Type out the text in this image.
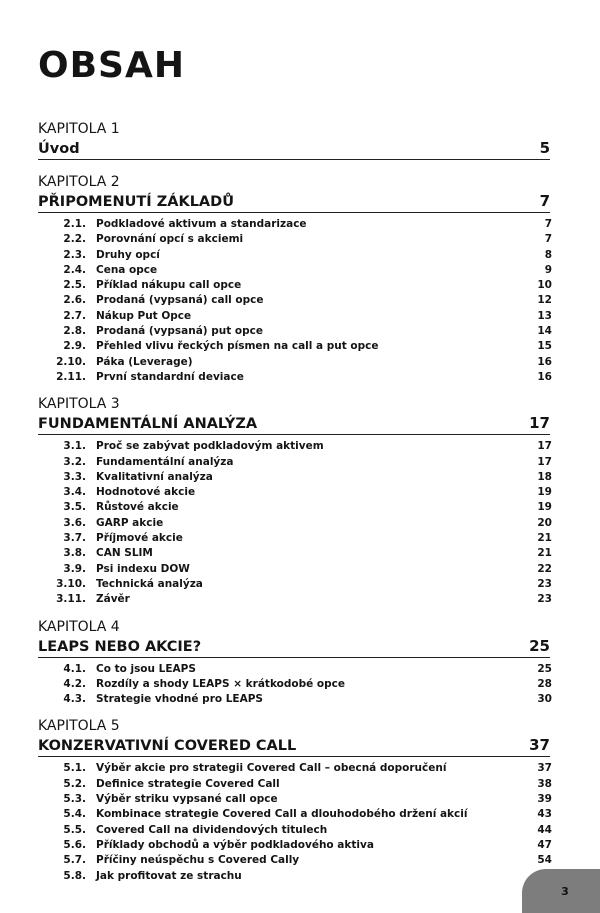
OBSAH
KAPITOLA 1
Úvod	5
KAPITOLA 2
PŘIPOMENUTÍ ZÁKLADŮ	7
2.1. Podkladové aktivum a standarizace	7
2.2. Porovnání opcí s akciemi	7
2.3. Druhy opcí	8
2.4. Cena opce	9
2.5. Příklad nákupu call opce	10
2.6. Prodaná (vypsaná) call opce	12
2.7. Nákup Put Opce	13
2.8. Prodaná (vypsaná) put opce	14
2.9. Přehled vlivu řeckých písmen na call a put opce	15
2.10. Páka (Leverage)	16
2.11. První standardní deviace	16
KAPITOLA 3
FUNDAMENTÁLNÍ ANALÝZA	17
3.1. Proč se zabývat podkladovým aktivem	17
3.2. Fundamentální analýza	17
3.3. Kvalitativní analýza	18
3.4. Hodnotové akcie	19
3.5. Růstové akcie	19
3.6. GARP akcie	20
3.7. Příjmové akcie	21
3.8. CAN SLIM	21
3.9. Psi indexu DOW	22
3.10. Technická analýza	23
3.11. Závěr	23
KAPITOLA 4
LEAPS NEBO AKCIE?	25
4.1. Co to jsou LEAPS	25
4.2. Rozdíly a shody LEAPS × krátkodobé opce	28
4.3. Strategie vhodné pro LEAPS	30
KAPITOLA 5
KONZERVATIVNÍ COVERED CALL	37
5.1. Výběr akcie pro strategii Covered Call – obecná doporučení	37
5.2. Definice strategie Covered Call	38
5.3. Výběr striku vypsané call opce	39
5.4. Kombinace strategie Covered Call a dlouhodobého držení akcií	43
5.5. Covered Call na dividendových titulech	44
5.6. Příklady obchodů a výběr podkladového aktiva	47
5.7. Příčiny neúspěchu s Covered Cally	54
5.8. Jak profitovat ze strachu
3
